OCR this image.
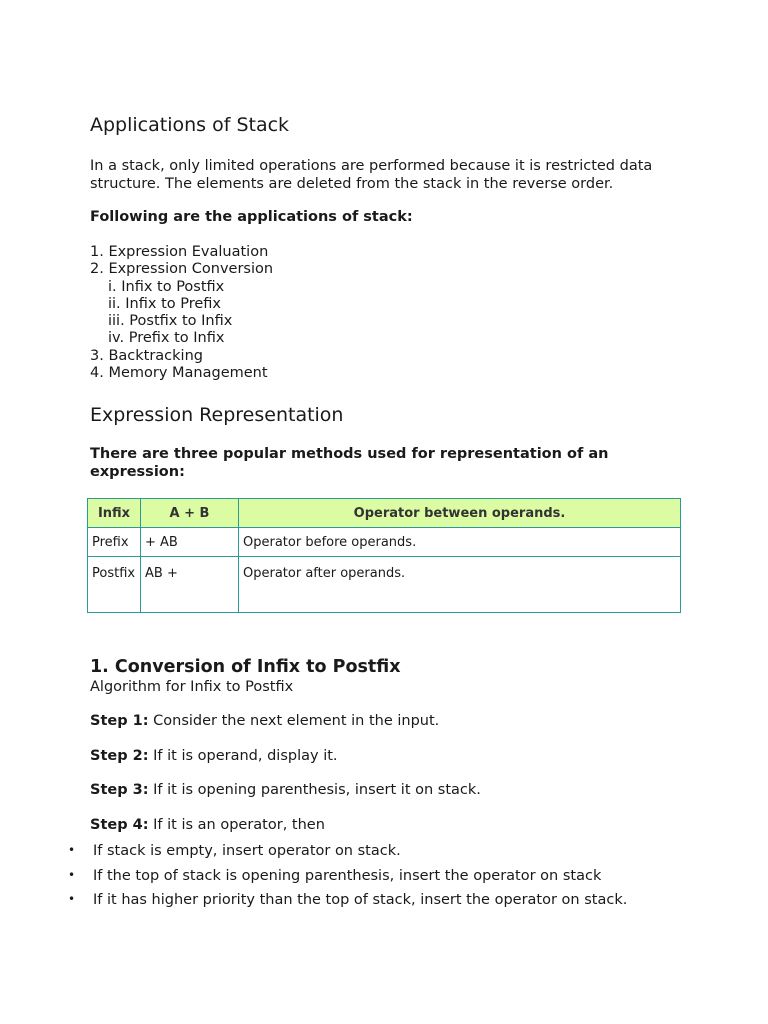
Applications of Stack

In a stack, only limited operations are performed because it is restricted data
structure. The elements are deleted from the stack in the reverse order.

Following are the applications of stack:

1. Expression Evaluation
2. Expression Conversion
i. Infix to Postfix
ii. Infix to Prefix
iii. Postfix to Infix
iv. Prefix to Infix
3. Backtracking
4. Memory Management
Expression Representation

There are three popular methods used for representation of an
expression:

Infix	A + B	Operator between operands.
Prefix	+ AB	Operator before operands.
Postfix	AB +	Operator after operands.
1. Conversion of Infix to Postfix

Algorithm for Infix to Postfix

Step 1: Consider the next element in the input.

Step 2: If it is operand, display it.

Step 3: If it is opening parenthesis, insert it on stack.

Step 4: If it is an operator, then

• If stack is empty, insert operator on stack.
• If the top of stack is opening parenthesis, insert the operator on stack
• If it has higher priority than the top of stack, insert the operator on stack.
